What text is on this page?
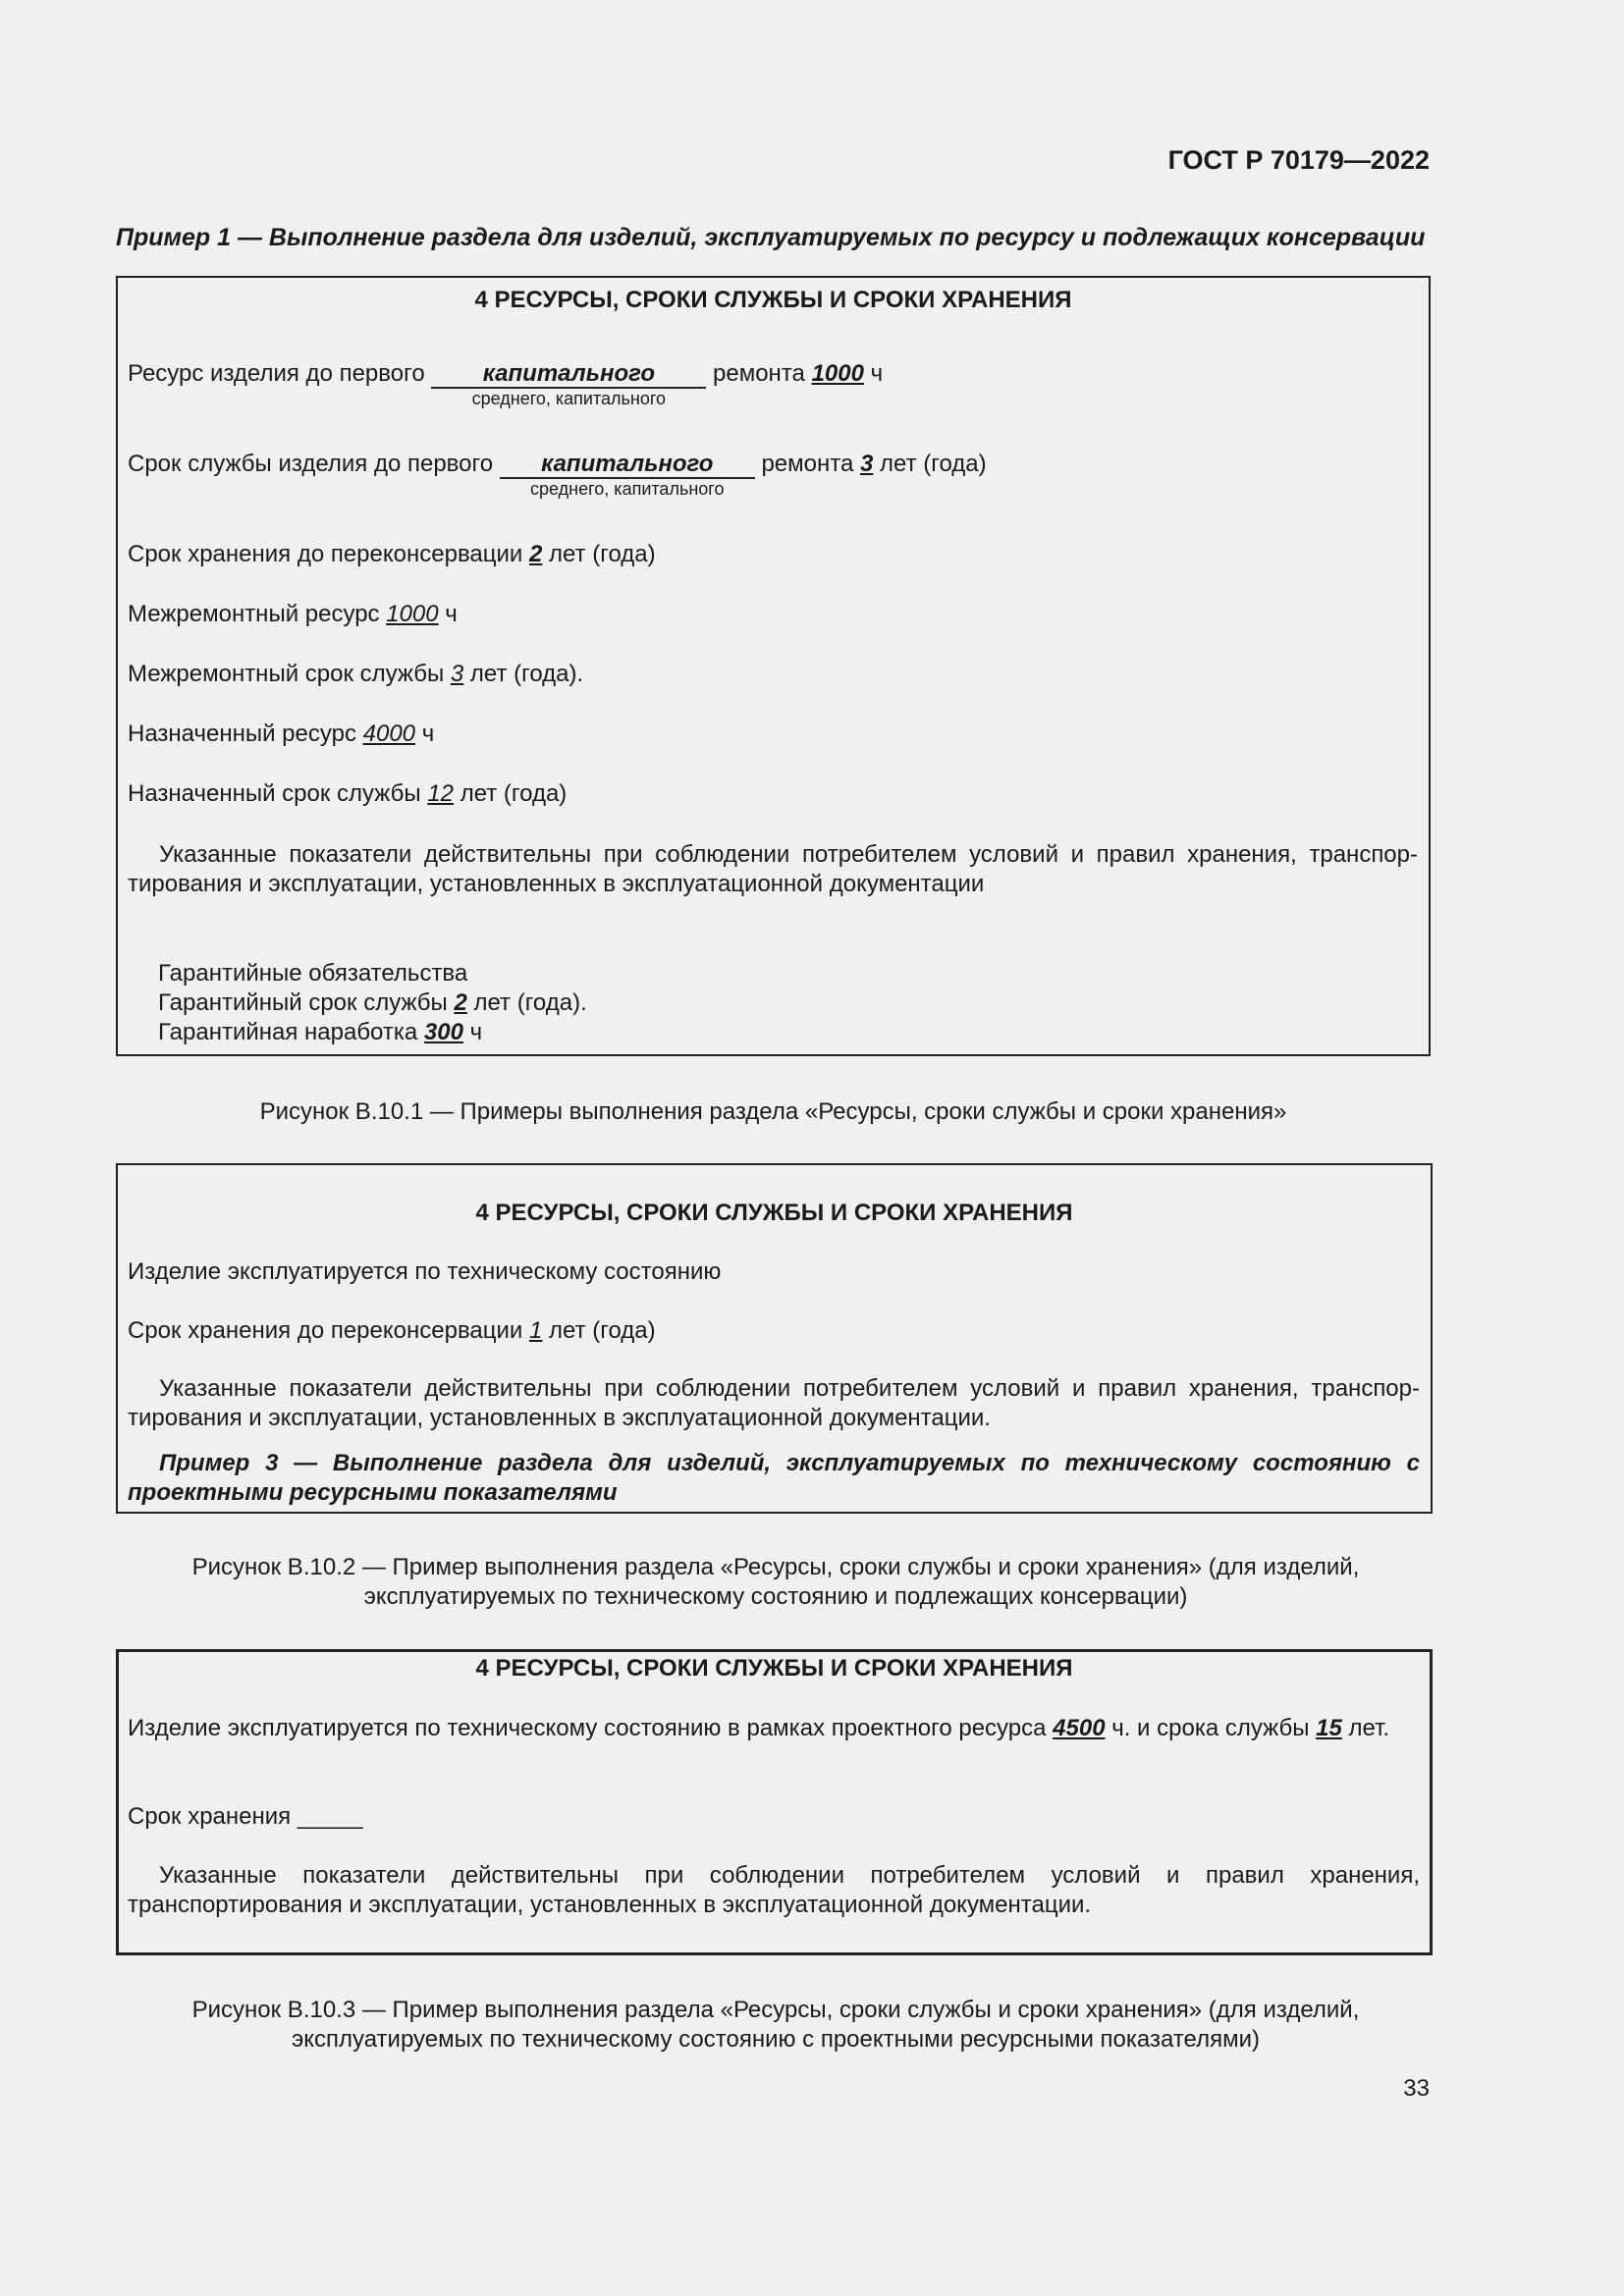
ГОСТ Р 70179—2022
Пример 1 — Выполнение раздела для изделий, эксплуатируемых по ресурсу и подлежащих консервации
4 РЕСУРСЫ, СРОКИ СЛУЖБЫ И СРОКИ ХРАНЕНИЯ
Ресурс изделия до первого капитального
среднего, капитального
ремонта 1000 ч
Срок службы изделия до первого капитального
среднего, капитального
ремонта 3 лет (года)
Срок хранения до переконсервации 2 лет (года)
Межремонтный ресурс 1000 ч
Межремонтный срок службы 3 лет (года).
Назначенный ресурс 4000 ч
Назначенный срок службы 12 лет (года)
Указанные показатели действительны при соблюдении потребителем условий и правил хранения, транспор-тирования и эксплуатации, установленных в эксплуатационной документации
Гарантийные обязательства
Гарантийный срок службы 2 лет (года).
Гарантийная наработка 300 ч
Рисунок В.10.1 — Примеры выполнения раздела «Ресурсы, сроки службы и сроки хранения»
4 РЕСУРСЫ, СРОКИ СЛУЖБЫ И СРОКИ ХРАНЕНИЯ
Изделие эксплуатируется по техническому состоянию
Срок хранения до переконсервации 1 лет (года)
Указанные показатели действительны при соблюдении потребителем условий и правил хранения, транспор-тирования и эксплуатации, установленных в эксплуатационной документации.
Пример 3 — Выполнение раздела для изделий, эксплуатируемых по техническому состоянию с проектными ресурсными показателями
Рисунок В.10.2 — Пример выполнения раздела «Ресурсы, сроки службы и сроки хранения» (для изделий, эксплуатируемых по техническому состоянию и подлежащих консервации)
4 РЕСУРСЫ, СРОКИ СЛУЖБЫ И СРОКИ ХРАНЕНИЯ
Изделие эксплуатируется по техническому состоянию в рамках проектного ресурса 4500 ч. и срока службы 15 лет.
Срок хранения _____
Указанные показатели действительны при соблюдении потребителем условий и правил хранения, транспортирования и эксплуатации, установленных в эксплуатационной документации.
Рисунок В.10.3 — Пример выполнения раздела «Ресурсы, сроки службы и сроки хранения» (для изделий, эксплуатируемых по техническому состоянию с проектными ресурсными показателями)
33
